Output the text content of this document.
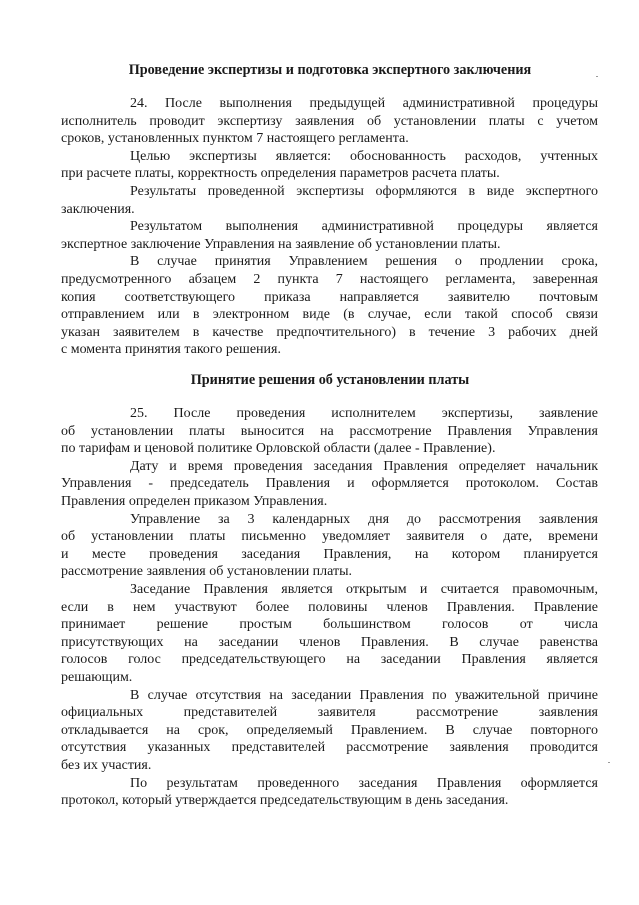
Проведение экспертизы и подготовка экспертного заключения
24. После выполнения предыдущей административной процедуры
исполнитель проводит экспертизу заявления об установлении платы с учетом
сроков, установленных пунктом 7 настоящего регламента.
Целью экспертизы является: обоснованность расходов, учтенных
при расчете платы, корректность определения параметров расчета платы.
Результаты проведенной экспертизы оформляются в виде экспертного
заключения.
Результатом выполнения административной процедуры является
экспертное заключение Управления на заявление об установлении платы.
В случае принятия Управлением решения о продлении срока,
предусмотренного абзацем 2 пункта 7 настоящего регламента, заверенная
копия соответствующего приказа направляется заявителю почтовым
отправлением или в электронном виде (в случае, если такой способ связи
указан заявителем в качестве предпочтительного) в течение 3 рабочих дней
с момента принятия такого решения.
Принятие решения об установлении платы
25. После проведения исполнителем экспертизы, заявление
об установлении платы выносится на рассмотрение Правления Управления
по тарифам и ценовой политике Орловской области (далее - Правление).
Дату и время проведения заседания Правления определяет начальник
Управления - председатель Правления и оформляется протоколом. Состав
Правления определен приказом Управления.
Управление за 3 календарных дня до рассмотрения заявления
об установлении платы письменно уведомляет заявителя о дате, времени
и месте проведения заседания Правления, на котором планируется
рассмотрение заявления об установлении платы.
Заседание Правления является открытым и считается правомочным,
если в нем участвуют более половины членов Правления. Правление
принимает решение простым большинством голосов от числа
присутствующих на заседании членов Правления. В случае равенства
голосов голос председательствующего на заседании Правления является
решающим.
В случае отсутствия на заседании Правления по уважительной причине
официальных представителей заявителя рассмотрение заявления
откладывается на срок, определяемый Правлением. В случае повторного
отсутствия указанных представителей рассмотрение заявления проводится
без их участия.
По результатам проведенного заседания Правления оформляется
протокол, который утверждается председательствующим в день заседания.
